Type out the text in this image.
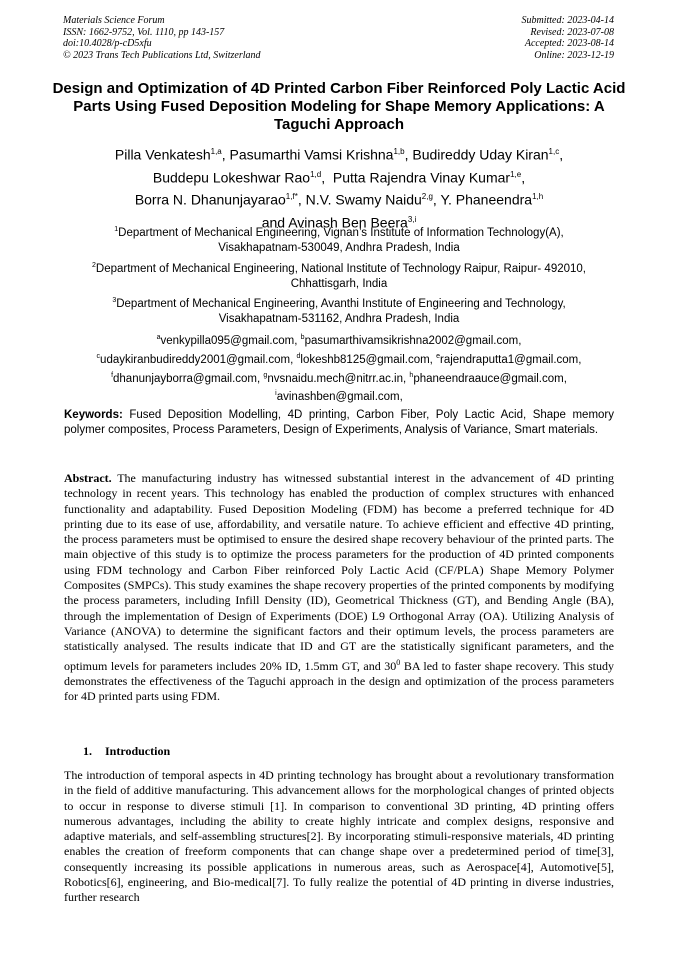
Materials Science Forum
ISSN: 1662-9752, Vol. 1110, pp 143-157
doi:10.4028/p-cD5xfu
© 2023 Trans Tech Publications Ltd, Switzerland
Submitted: 2023-04-14
Revised: 2023-07-08
Accepted: 2023-08-14
Online: 2023-12-19
Design and Optimization of 4D Printed Carbon Fiber Reinforced Poly Lactic Acid Parts Using Fused Deposition Modeling for Shape Memory Applications: A Taguchi Approach
Pilla Venkatesh$^{1,a}$, Pasumarthi Vamsi Krishna$^{1,b}$, Budireddy Uday Kiran$^{1,c}$,
Buddepu Lokeshwar Rao$^{1,d}$,  Putta Rajendra Vinay Kumar$^{1,e}$,
Borra N. Dhanunjayarao$^{1,f*}$, N.V. Swamy Naidu$^{2,g}$, Y. Phaneendra$^{1,h}$
and Avinash Ben Beera$^{3,i}$
$^1$Department of Mechanical Engineering, Vignan’s Institute of Information Technology(A),
Visakhapatnam-530049, Andhra Pradesh, India
$^2$Department of Mechanical Engineering, National Institute of Technology Raipur, Raipur- 492010,
Chhattisgarh, India
$^3$Department of Mechanical Engineering, Avanthi Institute of Engineering and Technology,
Visakhapatnam-531162, Andhra Pradesh, India
$^a$venkypilla095@gmail.com, $^b$pasumarthivamsikrishna2002@gmail.com,
$^c$udaykiranbudireddy2001@gmail.com, $^d$lokeshb8125@gmail.com, $^e$rajendraputta1@gmail.com,
$^f$dhanunjayborra@gmail.com, $^g$nvsnaidu.mech@nitrr.ac.in, $^h$phaneendraauce@gmail.com,
$^i$avinashben@gmail.com,
Keywords: Fused Deposition Modelling, 4D printing, Carbon Fiber, Poly Lactic Acid, Shape memory polymer composites, Process Parameters, Design of Experiments, Analysis of Variance, Smart materials.
Abstract. The manufacturing industry has witnessed substantial interest in the advancement of 4D printing technology in recent years. This technology has enabled the production of complex structures with enhanced functionality and adaptability. Fused Deposition Modeling (FDM) has become a preferred technique for 4D printing due to its ease of use, affordability, and versatile nature. To achieve efficient and effective 4D printing, the process parameters must be optimised to ensure the desired shape recovery behaviour of the printed parts. The main objective of this study is to optimize the process parameters for the production of 4D printed components using FDM technology and Carbon Fiber reinforced Poly Lactic Acid (CF/PLA) Shape Memory Polymer Composites (SMPCs). This study examines the shape recovery properties of the printed components by modifying the process parameters, including Infill Density (ID), Geometrical Thickness (GT), and Bending Angle (BA), through the implementation of Design of Experiments (DOE) L9 Orthogonal Array (OA). Utilizing Analysis of Variance (ANOVA) to determine the significant factors and their optimum levels, the process parameters are statistically analysed. The results indicate that ID and GT are the statistically significant parameters, and the optimum levels for parameters includes 20% ID, 1.5mm GT, and $30^0$ BA led to faster shape recovery. This study demonstrates the effectiveness of the Taguchi approach in the design and optimization of the process parameters for 4D printed parts using FDM.
1. Introduction
The introduction of temporal aspects in 4D printing technology has brought about a revolutionary transformation in the field of additive manufacturing. This advancement allows for the morphological changes of printed objects to occur in response to diverse stimuli [1]. In comparison to conventional 3D printing, 4D printing offers numerous advantages, including the ability to create highly intricate and complex designs, responsive and adaptive materials, and self-assembling structures[2]. By incorporating stimuli-responsive materials, 4D printing enables the creation of freeform components that can change shape over a predetermined period of time[3], consequently increasing its possible applications in numerous areas, such as Aerospace[4], Automotive[5], Robotics[6], engineering, and Bio-medical[7]. To fully realize the potential of 4D printing in diverse industries, further research
